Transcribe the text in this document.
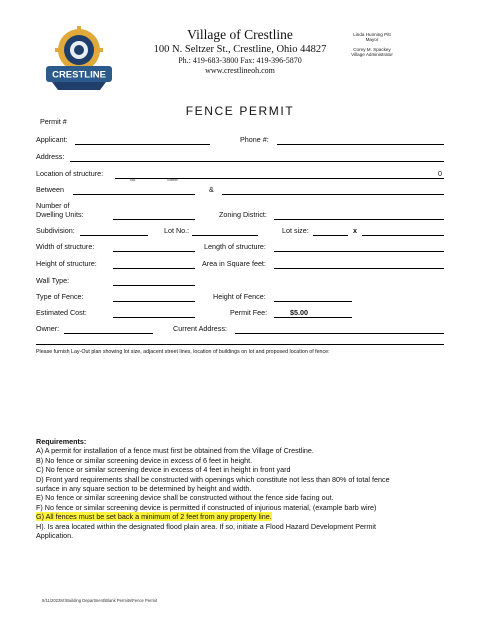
CRESTLINE
Village of Crestline
100 N. Seltzer St., Crestline, Ohio 44827
Ph.: 419-683-3800 Fax: 419-396-5870
www.crestlineoh.com
Linda Hunning Pitt
Mayor
Corey M. Spackey
Village Administrator
FENCE PERMIT
Permit #
Applicant:	Phone #:
Address:
Location of structure:	0
No.	Street
Between	&
Number of
Dwelling Units:	Zoning District:
Subdivision:	Lot No.:	Lot size:	x
Width of structure:	Length of structure:
Height of structure:	Area in Square feet:
Wall Type:
Type of Fence:	Height of Fence:
Estimated Cost:	Permit Fee:	$5.00
Owner:	Current Address:
Please furnish Lay-Out plan showing lot size, adjacent street lines, location of buildings on lot and proposed location of fence:
Requirements:
A) A permit for installation of a fence must first be obtained from the Village of Crestline.
B) No fence or similar screening device in excess of 6 feet in height.
C) No fence or similar screening device in excess of 4 feet in height in front yard
D) Front yard requirements shall be constructed with openings which constitute not less than 80% of total fence
surface in any square section to be determined by height and width.
E) No fence or similar screening device shall be constructed without the fence side facing out.
F) No fence or similar screening device is permitted if constructed of injurious material, (example barb wire)
G) All fences must be set back a minimum of 2 feet from any property line.
H). Is area located within the designated flood plain area. If so, initiate a Flood Hazard Development Permit
Application.
5/11/2022M:\Building Department\Blank Permits\Fence Permit
